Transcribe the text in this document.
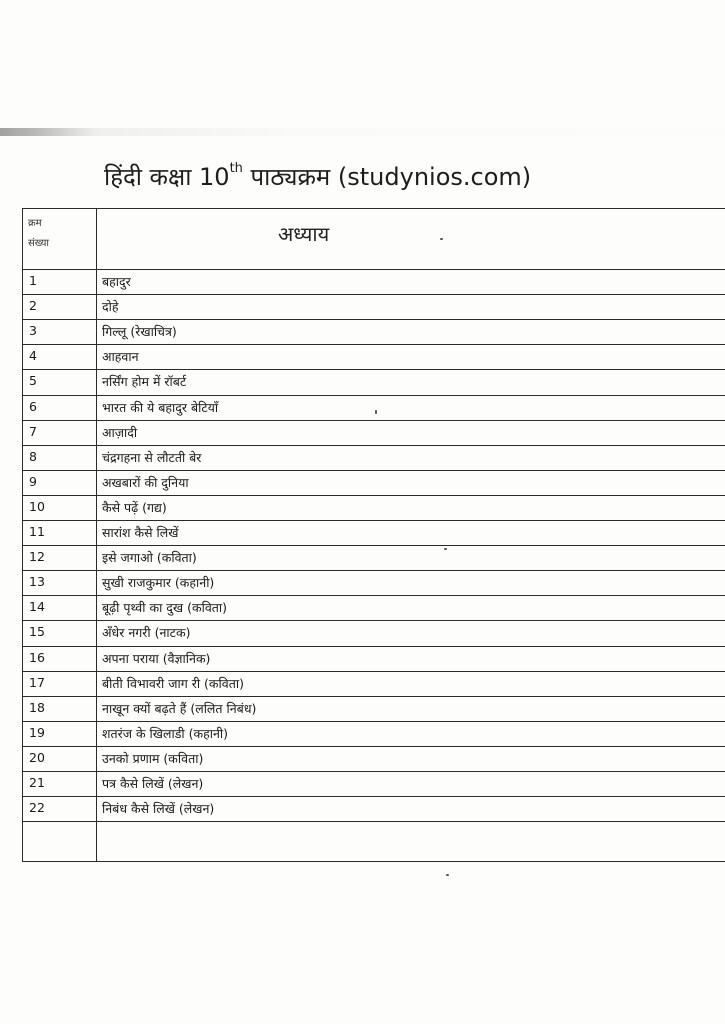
हिंदी कक्षा 10th पाठ्यक्रम (studynios.com)
क्रम
संख्या	अध्याय
1	बहादुर
2	दोहे
3	गिल्लू (रेखाचित्र)
4	आहवान
5	नर्सिंग होम में रॉबर्ट
6	भारत की ये बहादुर बेटियाँ
7	आज़ादी
8	चंद्रगहना से लौटती बेर
9	अखबारों की दुनिया
10	कैसे पढ़ें (गद्य)
11	सारांश कैसे लिखें
12	इसे जगाओ (कविता)
13	सुखी राजकुमार (कहानी)
14	बूढ़ी पृथ्वी का दुख (कविता)
15	अँधेर नगरी (नाटक)
16	अपना पराया (वैज्ञानिक)
17	बीती विभावरी जाग री (कविता)
18	नाखून क्यों बढ़ते हैं (ललित निबंध)
19	शतरंज के खिलाडी (कहानी)
20	उनको प्रणाम (कविता)
21	पत्र कैसे लिखें (लेखन)
22	निबंध कैसे लिखें (लेखन)
